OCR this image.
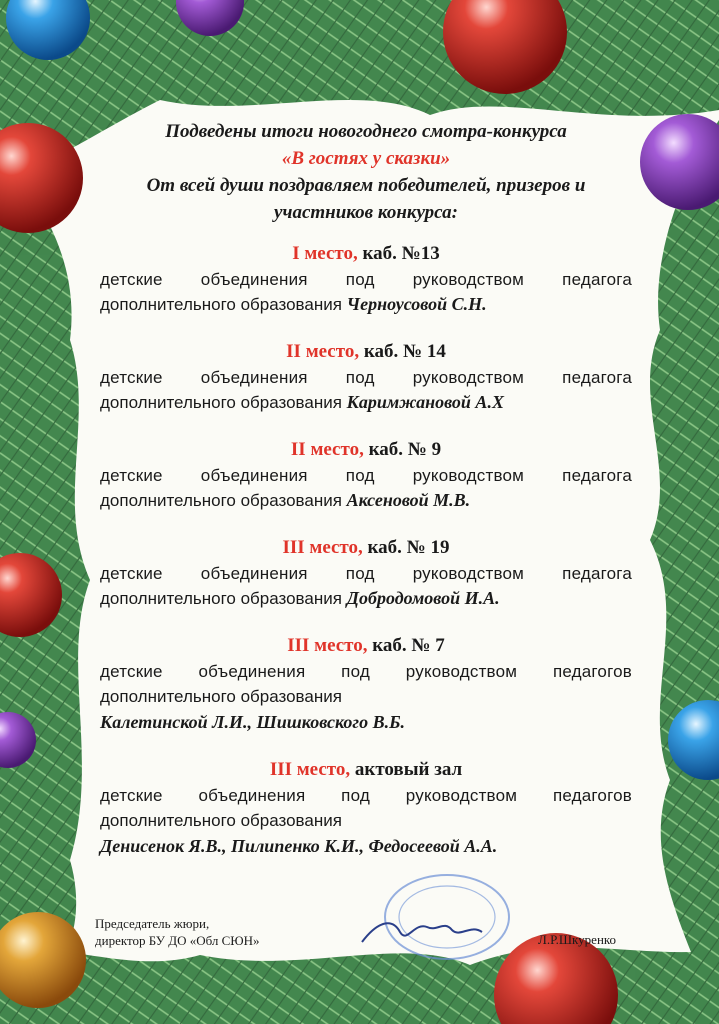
Подведены итоги новогоднего смотра-конкурса
«В гостях у сказки»
От всей души поздравляем победителей, призеров и
участников конкурса:
I место, каб. №13
детские объединения под руководством педагога
дополнительного образования Черноусовой С.Н.
II место, каб. № 14
детские объединения под руководством педагога
дополнительного образования Каримжановой А.Х
II место, каб. № 9
детские объединения под руководством педагога
дополнительного образования Аксеновой М.В.
III место, каб. № 19
детские объединения под руководством педагога
дополнительного образования Добродомовой И.А.
III место, каб. № 7
детские объединения под руководством педагогов
дополнительного образования
Калетинской Л.И., Шишковского В.Б.
III место, актовый зал
детские объединения под руководством педагогов
дополнительного образования
Денисенок Я.В., Пилипенко К.И., Федосеевой А.А.
Председатель жюри,
директор БУ ДО «Обл СЮН»	Л.Р.Шкуренко
